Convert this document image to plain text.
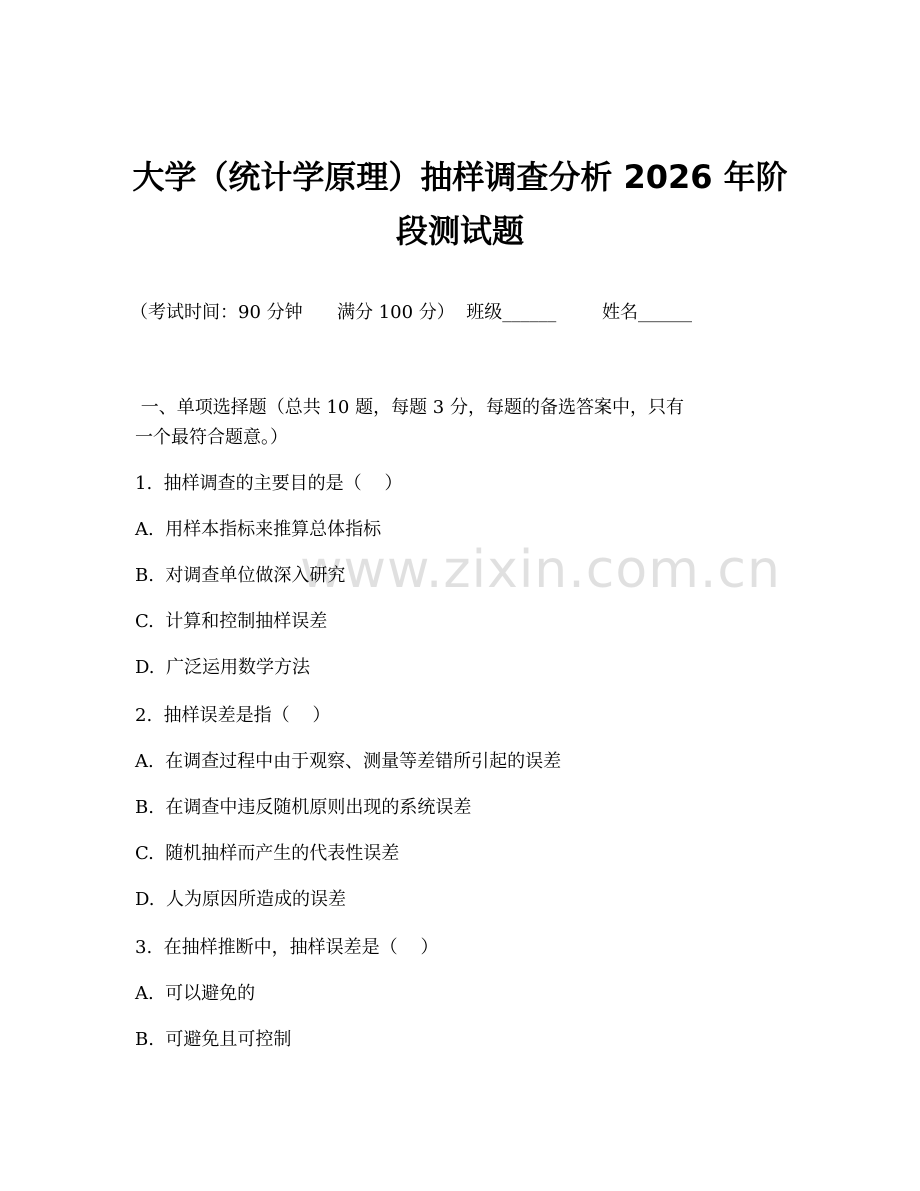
大学（统计学原理）抽样调查分析 2026 年阶
段测试题
（考试时间：90 分钟      满分 100 分）  班级______        姓名______
一、单项选择题（总共 10 题，每题 3 分，每题的备选答案中，只有
一个最符合题意。）
1.  抽样调查的主要目的是（    ）
A.  用样本指标来推算总体指标
B.  对调查单位做深入研究
C.  计算和控制抽样误差
D.  广泛运用数学方法
2.  抽样误差是指（    ）
A.  在调查过程中由于观察、测量等差错所引起的误差
B.  在调查中违反随机原则出现的系统误差
C.  随机抽样而产生的代表性误差
D.  人为原因所造成的误差
3.  在抽样推断中，抽样误差是（    ）
A.  可以避免的
B.  可避免且可控制
www.zixin.com.cn
